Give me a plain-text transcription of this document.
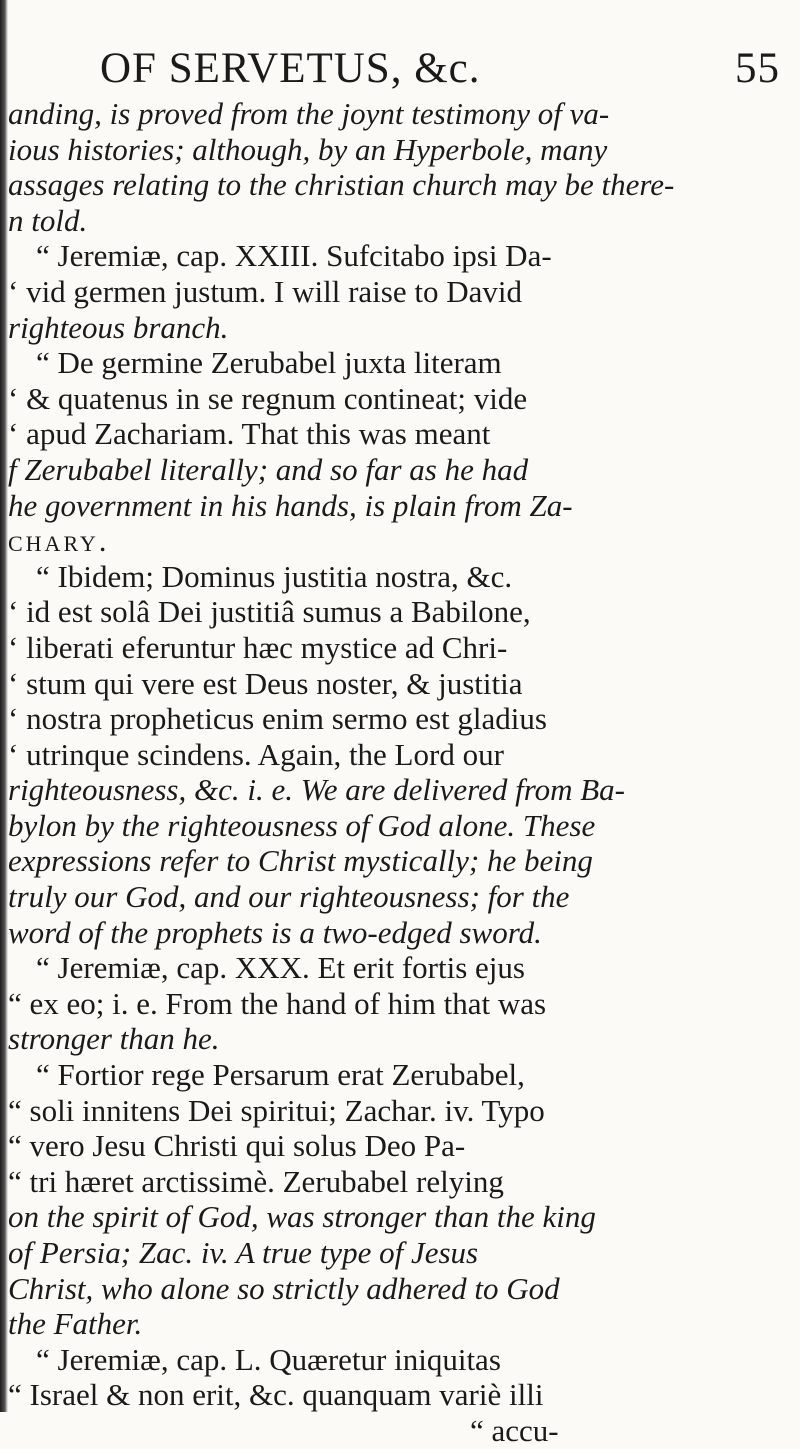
OF SERVETUS, &c.	55
anding, is proved from the joynt testimony of va-
ious histories; although, by an Hyperbole, many
assages relating to the christian church may be there-
n told.
“ Jeremiæ, cap. XXIII. Sufcitabo ipsi Da-
‘ vid germen justum. I will raise to David
righteous branch.
“ De germine Zerubabel juxta literam
‘ & quatenus in se regnum contineat; vide
‘ apud Zachariam. That this was meant
f Zerubabel literally; and so far as he had
he government in his hands, is plain from Za-
chary.
“ Ibidem; Dominus justitia nostra, &c.
‘ id est solâ Dei justitiâ sumus a Babilone,
‘ liberati eferuntur hæc mystice ad Chri-
‘ stum qui vere est Deus noster, & justitia
‘ nostra propheticus enim sermo est gladius
‘ utrinque scindens. Again, the Lord our
righteousness, &c. i. e. We are delivered from Ba-
bylon by the righteousness of God alone. These
expressions refer to Christ mystically; he being
truly our God, and our righteousness; for the
word of the prophets is a two-edged sword.
“ Jeremiæ, cap. XXX. Et erit fortis ejus
“ ex eo; i. e. From the hand of him that was
stronger than he.
“ Fortior rege Persarum erat Zerubabel,
“ soli innitens Dei spiritui; Zachar. iv. Typo
“ vero Jesu Christi qui solus Deo Pa-
“ tri hæret arctissimè. Zerubabel relying
on the spirit of God, was stronger than the king
of Persia; Zac. iv. A true type of Jesus
Christ, who alone so strictly adhered to God
the Father.
“ Jeremiæ, cap. L. Quæretur iniquitas
“ Israel & non erit, &c. quanquam variè illi
“ accu-
